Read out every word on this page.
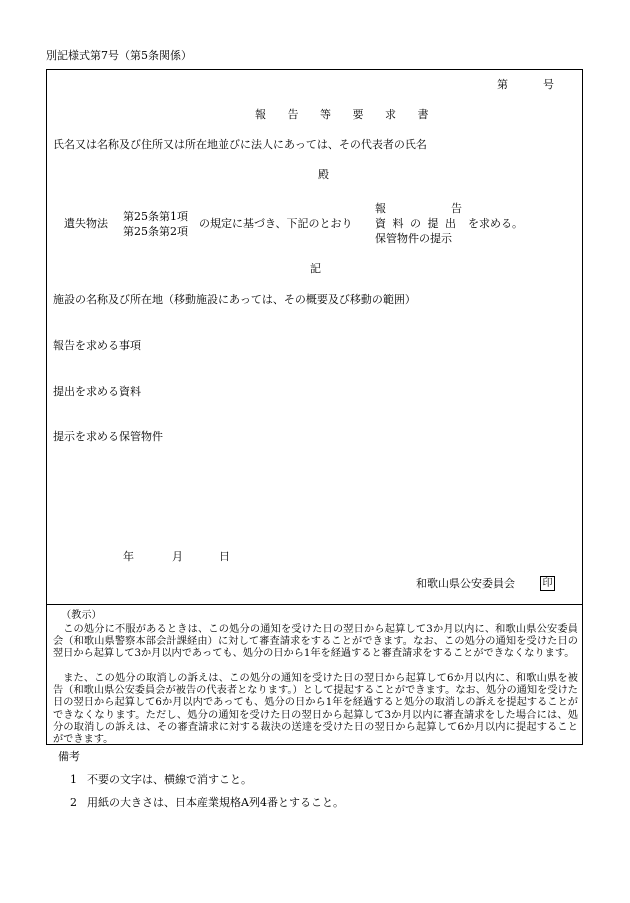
別記様式第7号（第5条関係）
第	号
報 告 等 要 求 書
氏名又は名称及び住所又は所在地並びに法人にあっては、その代表者の氏名
殿
遺失物法
第25条第1項
第25条第2項
の規定に基づき、下記のとおり
報	告
資 料 の 提 出
保管物件の提示
を求める。
記
施設の名称及び所在地（移動施設にあっては、その概要及び移動の範囲）
報告を求める事項
提出を求める資料
提示を求める保管物件
年	月	日
和歌山県公安委員会	印
（教示）
この処分に不服があるときは、この処分の通知を受けた日の翌日から起算して3か月以内に、和歌山県公安委員会（和歌山県警察本部会計課経由）に対して審査請求をすることができます。なお、この処分の通知を受けた日の翌日から起算して3か月以内であっても、処分の日から1年を経過すると審査請求をすることができなくなります。
また、この処分の取消しの訴えは、この処分の通知を受けた日の翌日から起算して6か月以内に、和歌山県を被告（和歌山県公安委員会が被告の代表者となります。）として提起することができます。なお、処分の通知を受けた日の翌日から起算して6か月以内であっても、処分の日から1年を経過すると処分の取消しの訴えを提起することができなくなります。ただし、処分の通知を受けた日の翌日から起算して3か月以内に審査請求をした場合には、処分の取消しの訴えは、その審査請求に対する裁決の送達を受けた日の翌日から起算して6か月以内に提起することができます。
備考
1 不要の文字は、横線で消すこと。
2 用紙の大きさは、日本産業規格A列4番とすること。
